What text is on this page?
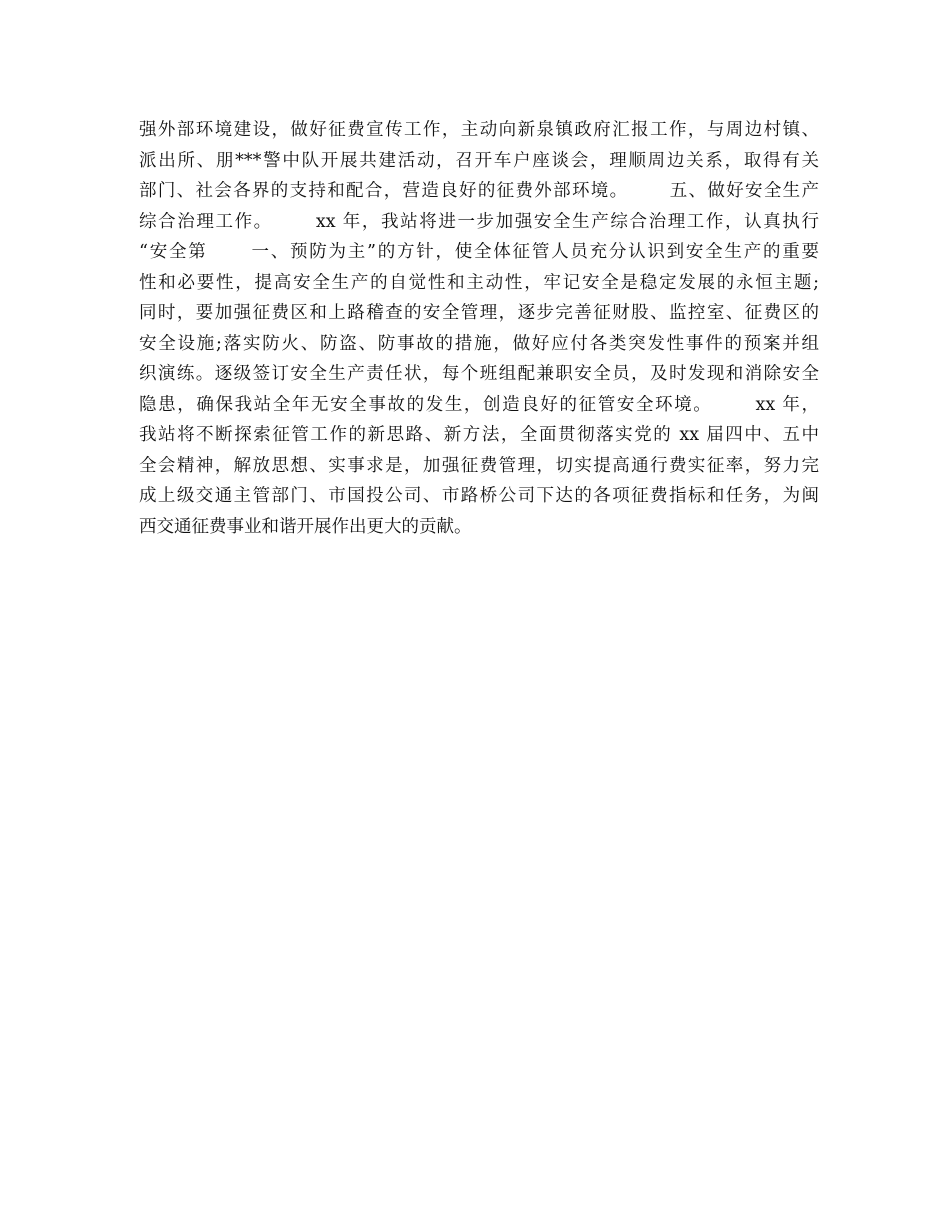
强外部环境建设，做好征费宣传工作，主动向新泉镇政府汇报工作，与周边村镇、
派出所、朋***警中队开展共建活动，召开车户座谈会，理顺周边关系，取得有关
部门、社会各界的支持和配合，营造良好的征费外部环境。      五、做好安全生产
综合治理工作。      xx 年，我站将进一步加强安全生产综合治理工作，认真执行
“安全第      一、预防为主”的方针，使全体征管人员充分认识到安全生产的重要
性和必要性，提高安全生产的自觉性和主动性，牢记安全是稳定发展的永恒主题;
同时，要加强征费区和上路稽查的安全管理，逐步完善征财股、监控室、征费区的
安全设施;落实防火、防盗、防事故的措施，做好应付各类突发性事件的预案并组
织演练。逐级签订安全生产责任状，每个班组配兼职安全员，及时发现和消除安全
隐患，确保我站全年无安全事故的发生，创造良好的征管安全环境。      xx 年，
我站将不断探索征管工作的新思路、新方法，全面贯彻落实党的 xx 届四中、五中
全会精神，解放思想、实事求是，加强征费管理，切实提高通行费实征率，努力完
成上级交通主管部门、市国投公司、市路桥公司下达的各项征费指标和任务，为闽
西交通征费事业和谐开展作出更大的贡献。
